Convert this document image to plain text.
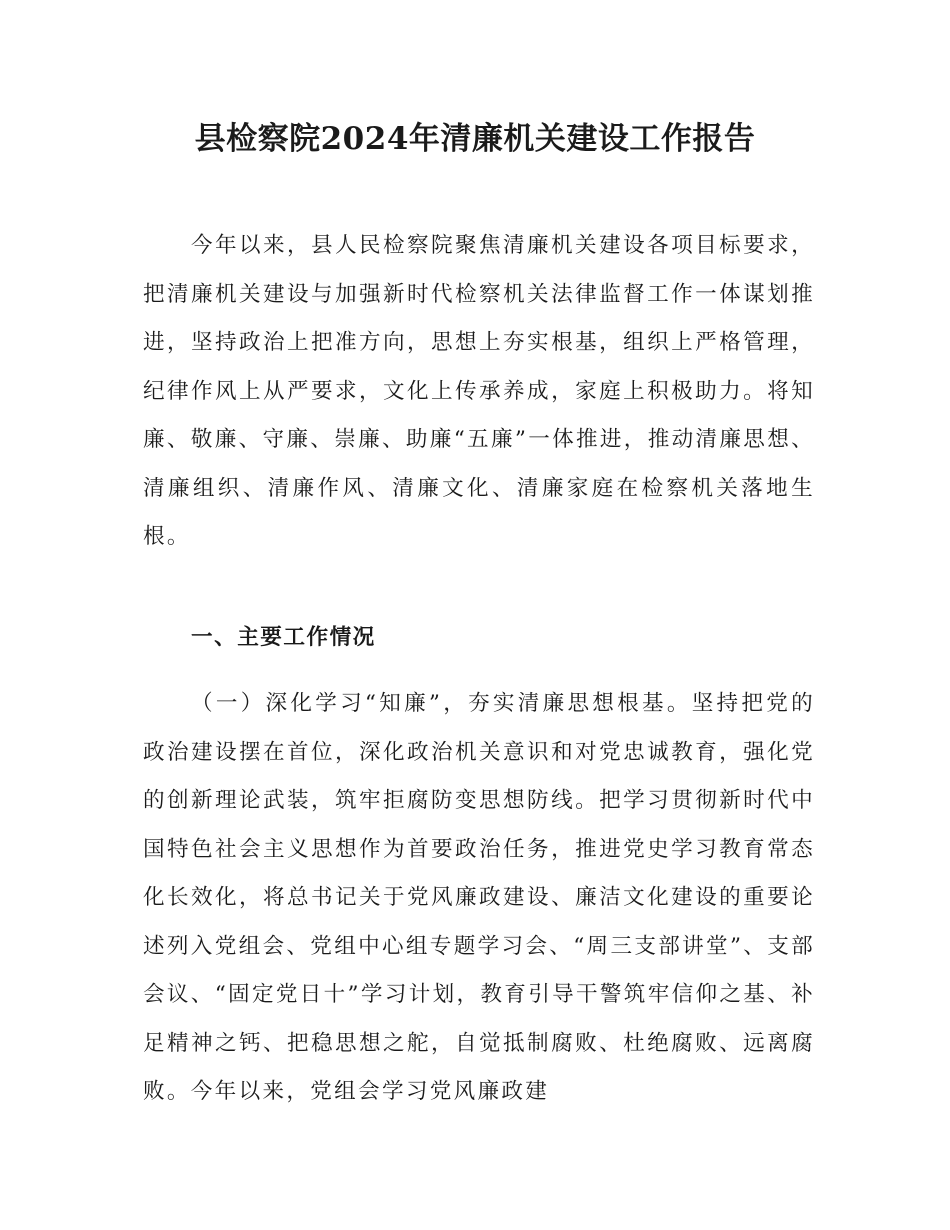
县检察院2024年清廉机关建设工作报告

今年以来，县人民检察院聚焦清廉机关建设各项目标要求，把清廉机关建设与加强新时代检察机关法律监督工作一体谋划推进，坚持政治上把准方向，思想上夯实根基，组织上严格管理，纪律作风上从严要求，文化上传承养成，家庭上积极助力。将知廉、敬廉、守廉、崇廉、助廉“五廉”一体推进，推动清廉思想、清廉组织、清廉作风、清廉文化、清廉家庭在检察机关落地生根。

一、主要工作情况

（一）深化学习“知廉”，夯实清廉思想根基。坚持把党的政治建设摆在首位，深化政治机关意识和对党忠诚教育，强化党的创新理论武装，筑牢拒腐防变思想防线。把学习贯彻新时代中国特色社会主义思想作为首要政治任务，推进党史学习教育常态化长效化，将总书记关于党风廉政建设、廉洁文化建设的重要论述列入党组会、党组中心组专题学习会、“周三支部讲堂”、支部会议、“固定党日十”学习计划，教育引导干警筑牢信仰之基、补足精神之钙、把稳思想之舵，自觉抵制腐败、杜绝腐败、远离腐败。今年以来，党组会学习党风廉政建
